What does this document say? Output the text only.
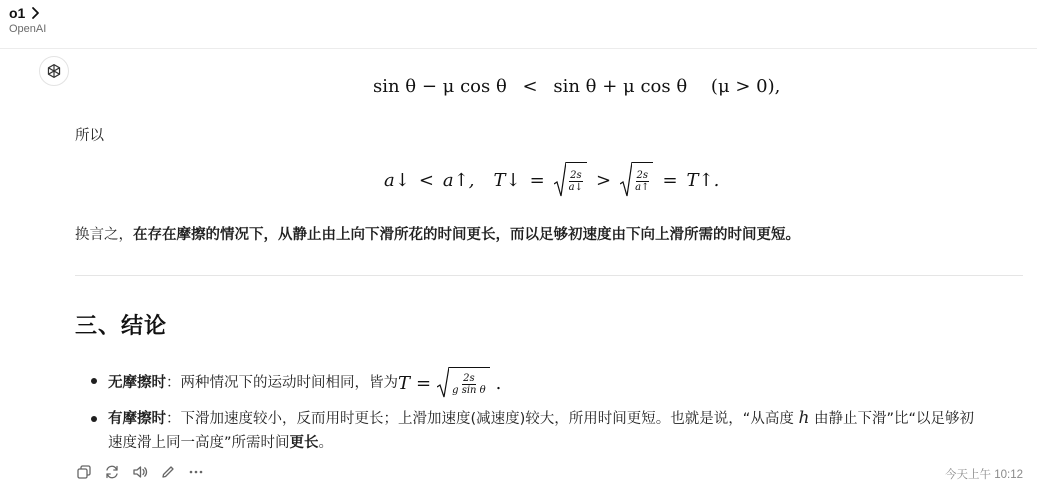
o1
OpenAI
sin θ − μ cos θ < sin θ + μ cos θ (μ > 0),
所以
a↓ < a↑, T↓ = $\frac{2s}{a↓} > \frac{2s}{a↑}$ = T↑.
换言之，在存在摩擦的情况下，从静止由上向下滑所花的时间更长，而以足够初速度由下向上滑所需的时间更短。
三、结论
无摩擦时 ：两种情况下的运动时间相同，皆为 $T = \frac{2s}{\text{g sin θ}}$ .
有摩擦时：下滑加速度较小，反而用时更长；上滑加速度(减速度)较大，所用时间更短。也就是说，“从高度 h 由静止下滑”比“以足够初
速度滑上同一高度”所需时间更长。
今天上午 10:12
